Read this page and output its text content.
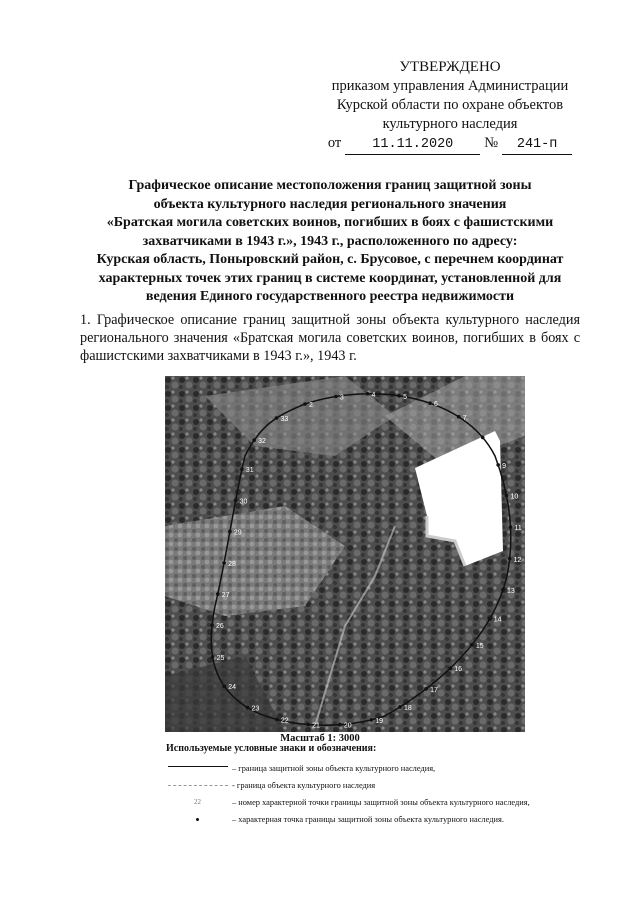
УТВЕРЖДЕНО
приказом управления Администрации
Курской области по охране объектов
культурного наследия
от	11.11.2020	№	241-п
Графическое описание местоположения границ защитной зоны
объекта культурного наследия регионального значения
«Братская могила советских воинов, погибших в боях с фашистскими
захватчиками в 1943 г.», 1943 г., расположенного по адресу:
Курская область, Поныровский район, с. Брусовое, с перечнем координат
характерных точек этих границ в системе координат, установленной для
ведения Единого государственного реестра недвижимости
1. Графическое описание границ защитной зоны объекта культурного наследия регионального значения «Братская могила советских воинов, погибших в боях с фашистскими захватчиками в 1943 г.», 1943 г.
2
3	4	5
6
7
8
9
10
11
12
13
14
15
16
17
18
19
20
21
22
23
24
25
26
27
28
29
30
31
32
33
Масштаб 1: 3000
Используемые условные знаки и обозначения:
– граница защитной зоны объекта культурного наследия,
- граница объекта культурного наследия
22	– номер характерной точки границы защитной зоны объекта культурного наследия,
– характерная точка границы защитной зоны объекта культурного наследия.
